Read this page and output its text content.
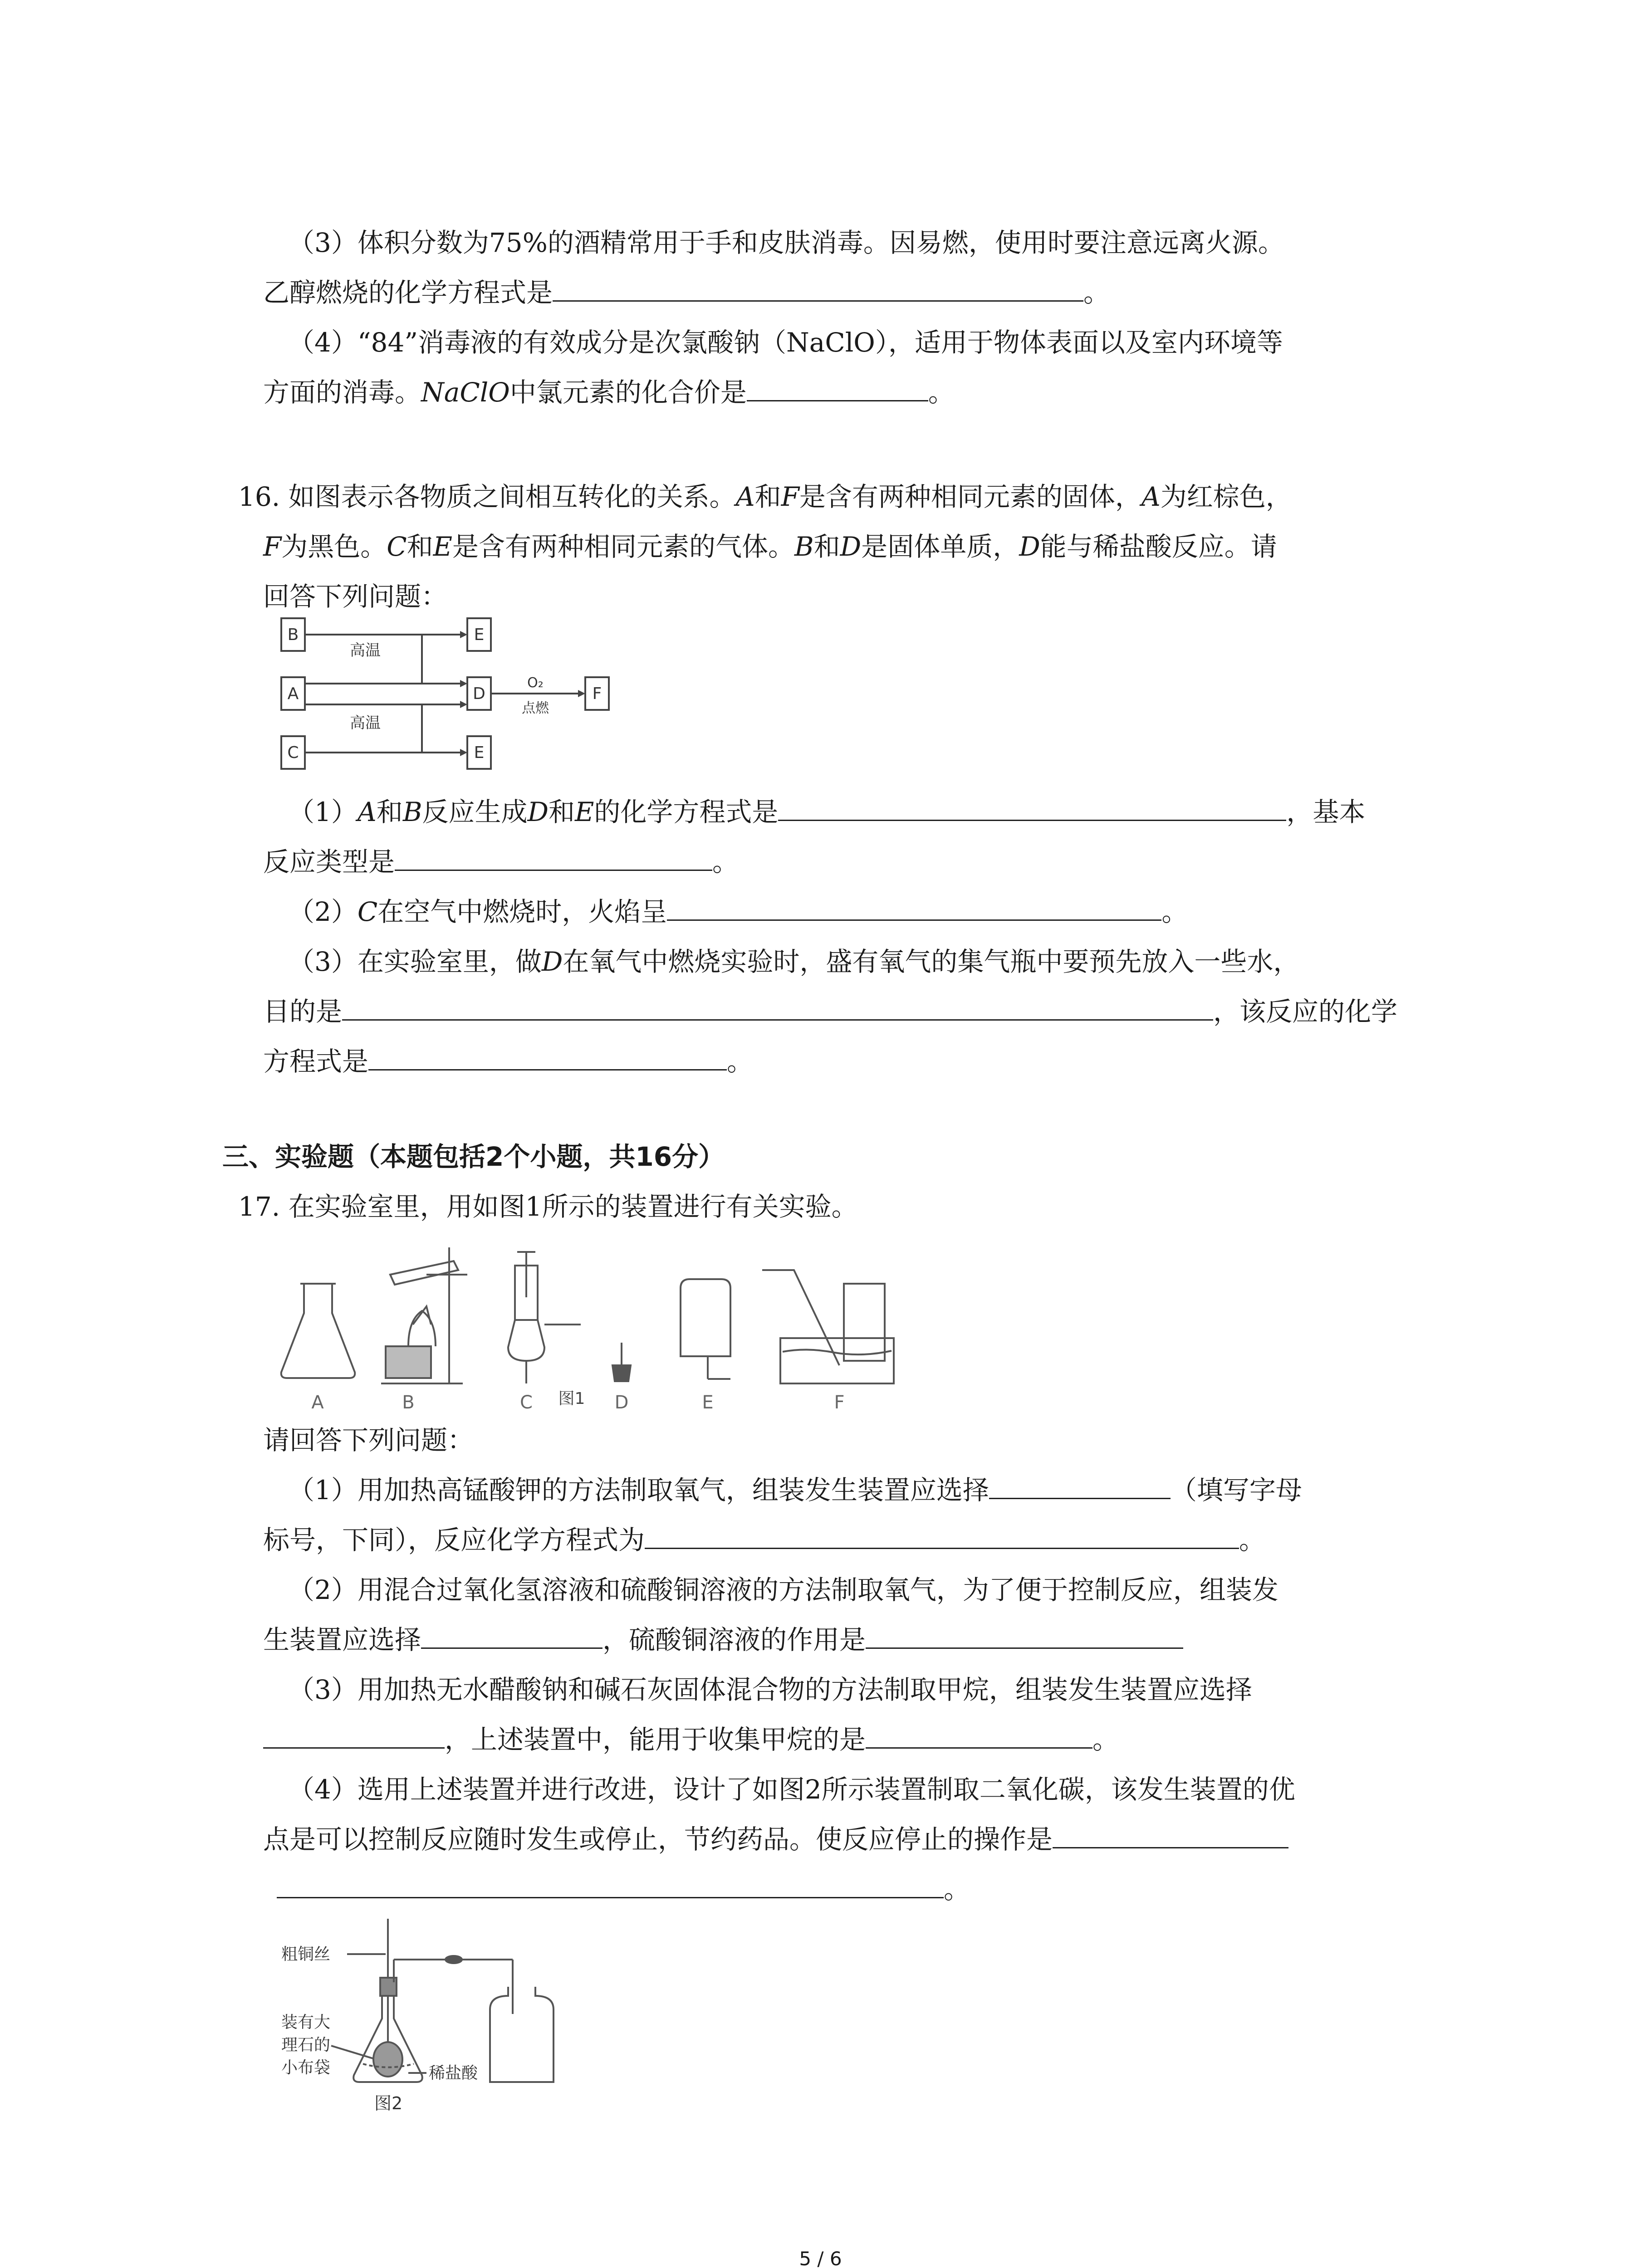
（3）体积分数为75%的酒精常用于手和皮肤消毒。因易燃，使用时要注意远离火源。
乙醇燃烧的化学方程式是	。
（4）“84”消毒液的有效成分是次氯酸钠（NaClO），适用于物体表面以及室内环境等
方面的消毒。NaClO中氯元素的化合价是	。
16. 如图表示各物质之间相互转化的关系。A和F是含有两种相同元素的固体，A为红棕色，
F为黑色。C和E是含有两种相同元素的气体。B和D是固体单质，D能与稀盐酸反应。请
回答下列问题：
B
A
C
E
D
E
F
高温
高温
O₂
点燃
（1）A和B反应生成D和E的化学方程式是	，基本
反应类型是	。
（2）C在空气中燃烧时，火焰呈	。
（3）在实验室里，做D在氧气中燃烧实验时，盛有氧气的集气瓶中要预先放入一些水，
目的是	，该反应的化学
方程式是	。
三、实验题（本题包括2个小题，共16分）
17. 在实验室里，用如图1所示的装置进行有关实验。
A	B	C	D	E	F
图1
请回答下列问题：
（1）用加热高锰酸钾的方法制取氧气，组装发生装置应选择	（填写字母
标号，下同），反应化学方程式为	。
（2）用混合过氧化氢溶液和硫酸铜溶液的方法制取氧气，为了便于控制反应，组装发
生装置应选择	，硫酸铜溶液的作用是
（3）用加热无水醋酸钠和碱石灰固体混合物的方法制取甲烷，组装发生装置应选择
，上述装置中，能用于收集甲烷的是	。
（4）选用上述装置并进行改进，设计了如图2所示装置制取二氧化碳，该发生装置的优
点是可以控制反应随时发生或停止，节约药品。使反应停止的操作是
。
粗铜丝
装有大
理石的
小布袋	稀盐酸
图2
5 / 6
